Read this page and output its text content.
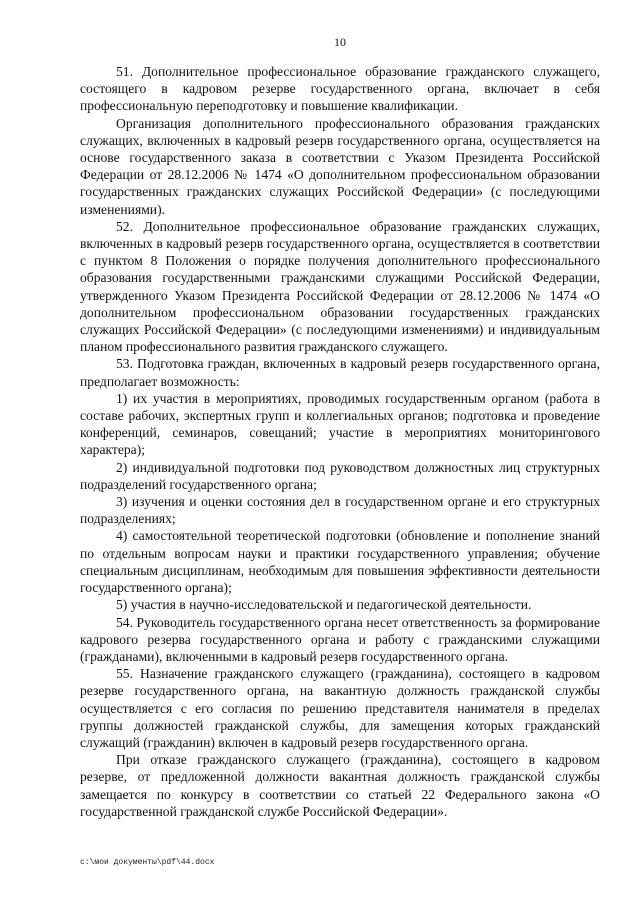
10

51. Дополнительное профессиональное образование гражданского служащего, состоящего в кадровом резерве государственного органа, включает в себя профессиональную переподготовку и повышение квалификации.

Организация дополнительного профессионального образования гражданских служащих, включенных в кадровый резерв государственного органа, осуществляется на основе государственного заказа в соответствии с Указом Президента Российской Федерации от 28.12.2006 № 1474 «О дополнительном профессиональном образовании государственных гражданских служащих Российской Федерации» (с последующими изменениями).

52. Дополнительное профессиональное образование гражданских служащих, включенных в кадровый резерв государственного органа, осуществляется в соответствии с пунктом 8 Положения о порядке получения дополнительного профессионального образования государственными гражданскими служащими Российской Федерации, утвержденного Указом Президента Российской Федерации от 28.12.2006 № 1474 «О дополнительном профессиональном образовании государственных гражданских служащих Российской Федерации» (с последующими изменениями) и индивидуальным планом профессионального развития гражданского служащего.

53. Подготовка граждан, включенных в кадровый резерв государственного органа, предполагает возможность:

1) их участия в мероприятиях, проводимых государственным органом (работа в составе рабочих, экспертных групп и коллегиальных органов; подготовка и проведение конференций, семинаров, совещаний; участие в мероприятиях мониторингового характера);

2) индивидуальной подготовки под руководством должностных лиц структурных подразделений государственного органа;

3) изучения и оценки состояния дел в государственном органе и его структурных подразделениях;

4) самостоятельной теоретической подготовки (обновление и пополнение знаний по отдельным вопросам науки и практики государственного управления; обучение специальным дисциплинам, необходимым для повышения эффективности деятельности государственного органа);

5) участия в научно-исследовательской и педагогической деятельности.

54. Руководитель государственного органа несет ответственность за формирование кадрового резерва государственного органа и работу с гражданскими служащими (гражданами), включенными в кадровый резерв государственного органа.

55. Назначение гражданского служащего (гражданина), состоящего в кадровом резерве государственного органа, на вакантную должность гражданской службы осуществляется с его согласия по решению представителя нанимателя в пределах группы должностей гражданской службы, для замещения которых гражданский служащий (гражданин) включен в кадровый резерв государственного органа.

При отказе гражданского служащего (гражданина), состоящего в кадровом резерве, от предложенной должности вакантная должность гражданской службы замещается по конкурсу в соответствии со статьей 22 Федерального закона «О государственной гражданской службе Российской Федерации».

c:\мои документы\pdf\44.docx
